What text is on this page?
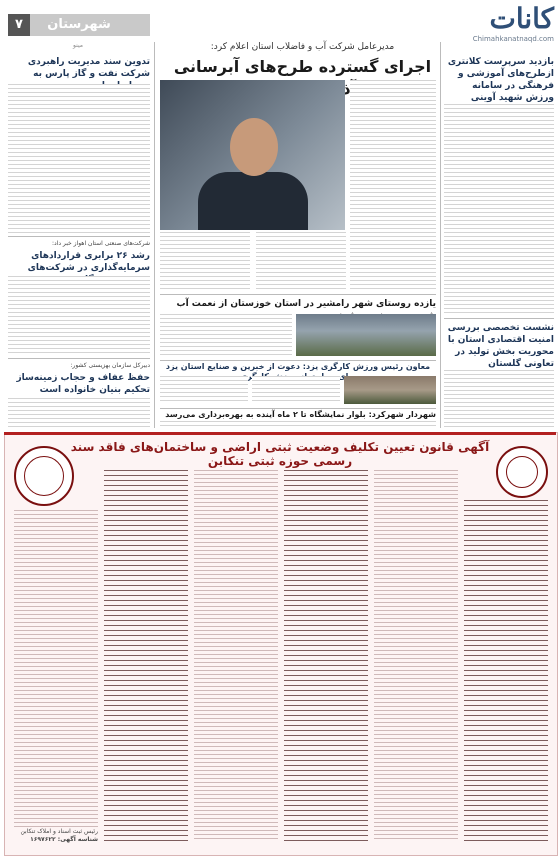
شهرستان
۷	کانات
Chimahkanatnaqd.com
مدیرعامل شرکت آب و فاضلاب استان اعلام کرد:
اجرای گسترده طرح‌های آبرسانی
مینو
تدوین سند مدیریت راهبردی شرکت نفت و گاز پارس به
شرکت‌های صنعتی استان اهواز خبر داد:
رشد ۲۶ برابری قرارداد‌های سرمایه‌گذاری در شرکت‌های
دبیرکل سازمان بهزیستی کشور:
حفظ عفاف و حجاب زمینه‌ساز تحکیم بنیان خانواده است
یازده روستای شهر رامشیر در استان خوزستان از نعمت آب
معاون رئیس ورزش کارگری یزد: دعوت از خبرین و صنایع استان یزد
شهردار شهرکرد: بلوار نمایشگاه تا ۲ ماه آینده به بهره‌برداری می‌رسد
بازدید سرپرست کلانتری ازطرح‌های آموزشی و فرهنگی در سامانه ورزش شهید آوینی
نشست تخصصی بررسی امنیت اقتصادی استان با محوریت بخش تولید در تعاونی گلستان
آگهی قانون تعیین تکلیف وضعیت ثبتی اراضی و ساختمان‌های فاقد سند رسمی حوزه ثبتی تنکابن
شناسه آگهی: ۱۶۹۷۶۲۲
رئیس ثبت اسناد و املاک تنکابن
